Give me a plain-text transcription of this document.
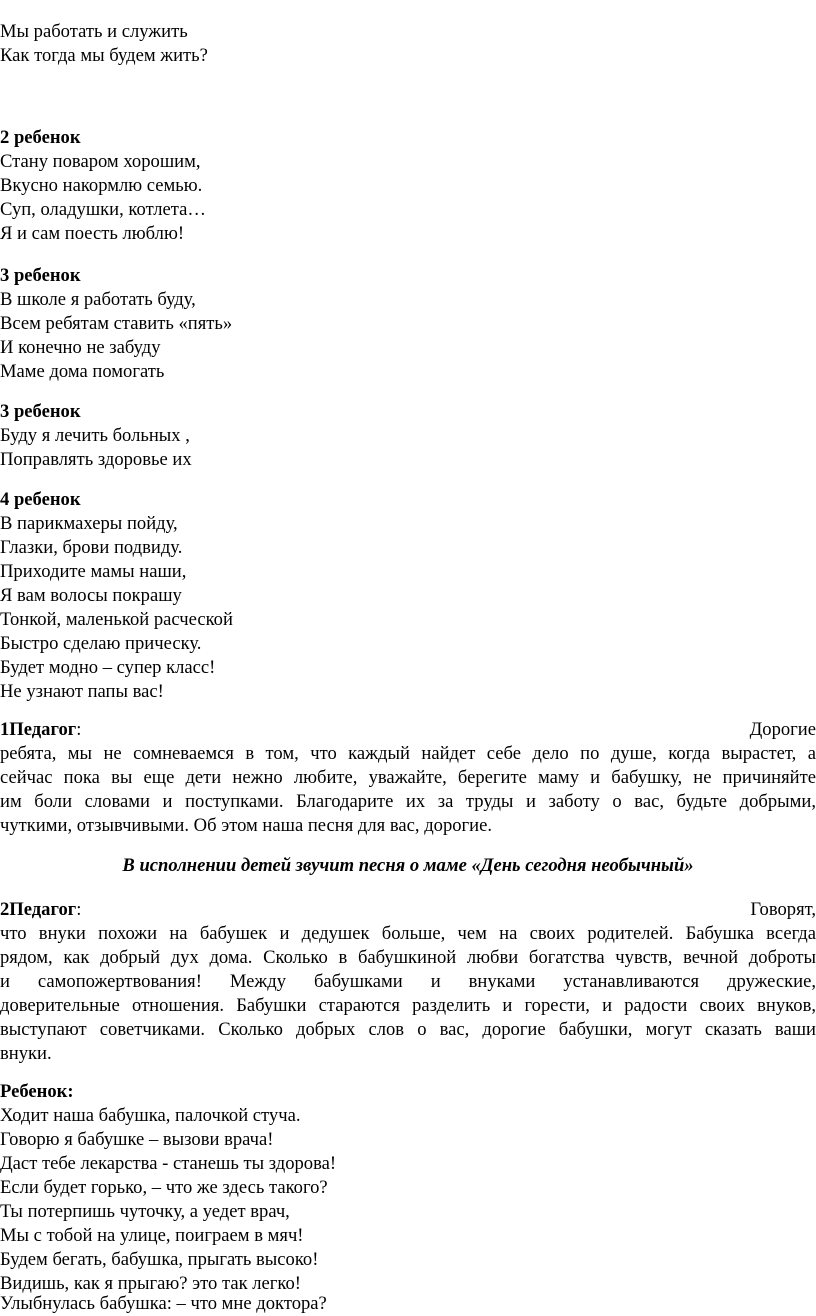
Мы работать и служить

Как тогда мы будем жить?

2 ребенок

Стану поваром хорошим,

Вкусно накормлю семью.

Суп, оладушки, котлета…

Я и сам поесть люблю!

3 ребенок

В школе я работать буду,

Всем ребятам ставить «пять»

И конечно не забуду

Маме дома помогать

3 ребенок

Буду я лечить больных ,

Поправлять здоровье их

4 ребенок

В парикмахеры пойду,

Глазки, брови подвиду.

Приходите мамы наши,

Я вам волосы покрашу

Тонкой, маленькой расческой

Быстро сделаю прическу.

Будет модно – супер класс!

Не узнают папы вас!

1Педагог:	Дорогие

ребята, мы не сомневаемся в том, что каждый найдет себе дело по душе, когда вырастет, а

сейчас пока вы еще дети нежно любите, уважайте, берегите маму и бабушку, не причиняйте

им боли словами и поступками. Благодарите их за труды и заботу о вас, будьте добрыми,

чуткими, отзывчивыми. Об этом наша песня для вас, дорогие.

В исполнении детей звучит песня о маме «День сегодня необычный»

2Педагог:	Говорят,

что внуки похожи на бабушек и дедушек больше, чем на своих родителей. Бабушка всегда

рядом, как добрый дух дома. Сколько в бабушкиной любви богатства чувств, вечной доброты

и самопожертвования! Между бабушками и внуками устанавливаются дружеские,

доверительные отношения. Бабушки стараются разделить и горести, и радости своих внуков,

выступают советчиками. Сколько добрых слов о вас, дорогие бабушки, могут сказать ваши

внуки.

Ребенок:

Ходит наша бабушка, палочкой стуча.

Говорю я бабушке – вызови врача!

Даст тебе лекарства - станешь ты здорова!

Если будет горько, – что же здесь такого?

Ты потерпишь чуточку, а уедет врач,

Мы с тобой на улице, поиграем в мяч!

Будем бегать, бабушка, прыгать высоко!

Видишь, как я прыгаю? это так легко!

Улыбнулась бабушка: – что мне доктора?
